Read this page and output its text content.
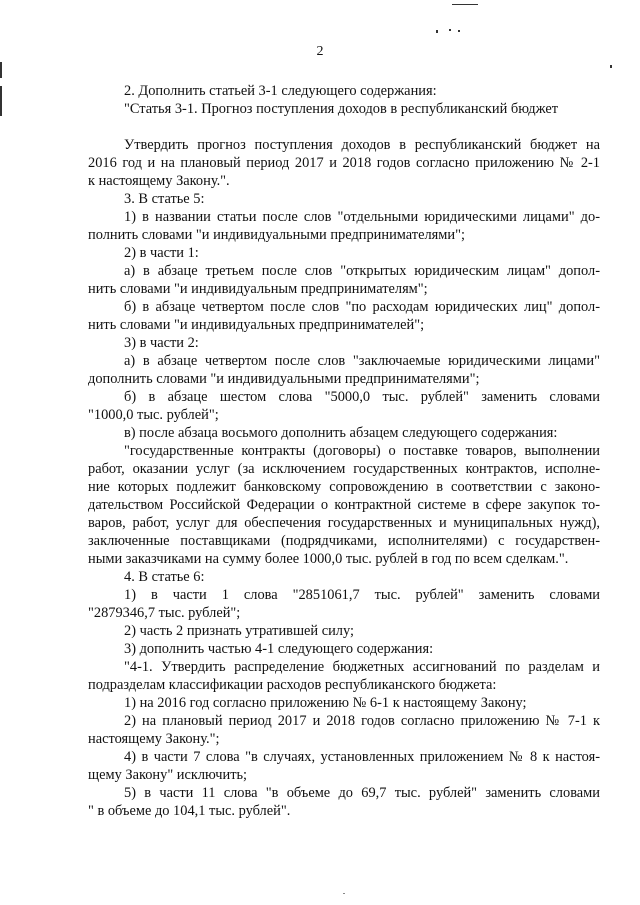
2
2. Дополнить статьей 3-1 следующего содержания:
"Статья 3-1. Прогноз поступления доходов в республиканский бюджет
Утвердить прогноз поступления доходов в республиканский бюджет на
2016 год и на плановый период 2017 и 2018 годов согласно приложению № 2-1
к настоящему Закону.".
3. В статье 5:
1) в названии статьи после слов "отдельными юридическими лицами" до-
полнить словами "и индивидуальными предпринимателями";
2) в части 1:
а) в абзаце третьем после слов "открытых юридическим лицам" допол-
нить словами "и индивидуальным предпринимателям";
б) в абзаце четвертом после слов "по расходам юридических лиц" допол-
нить словами "и индивидуальных предпринимателей";
3) в части 2:
а) в абзаце четвертом после слов "заключаемые юридическими лицами"
дополнить словами "и индивидуальными предпринимателями";
б) в абзаце шестом слова "5000,0 тыс. рублей" заменить словами
"1000,0 тыс. рублей";
в) после абзаца восьмого дополнить абзацем следующего содержания:
"государственные контракты (договоры) о поставке товаров, выполнении
работ, оказании услуг (за исключением государственных контрактов, исполне-
ние которых подлежит банковскому сопровождению в соответствии с законо-
дательством Российской Федерации о контрактной системе в сфере закупок то-
варов, работ, услуг для обеспечения государственных и муниципальных нужд),
заключенные поставщиками (подрядчиками, исполнителями) с государствен-
ными заказчиками на сумму более 1000,0 тыс. рублей в год по всем сделкам.".
4. В статье 6:
1) в части 1 слова "2851061,7 тыс. рублей" заменить словами
"2879346,7 тыс. рублей";
2) часть 2 признать утратившей силу;
3) дополнить частью 4-1 следующего содержания:
"4-1. Утвердить распределение бюджетных ассигнований по разделам и
подразделам классификации расходов республиканского бюджета:
1) на 2016 год согласно приложению № 6-1 к настоящему Закону;
2) на плановый период 2017 и 2018 годов согласно приложению № 7-1 к
настоящему Закону.";
4) в части 7 слова "в случаях, установленных приложением № 8 к настоя-
щему Закону" исключить;
5) в части 11 слова "в объеме до 69,7 тыс. рублей" заменить словами
" в объеме до 104,1 тыс. рублей".
